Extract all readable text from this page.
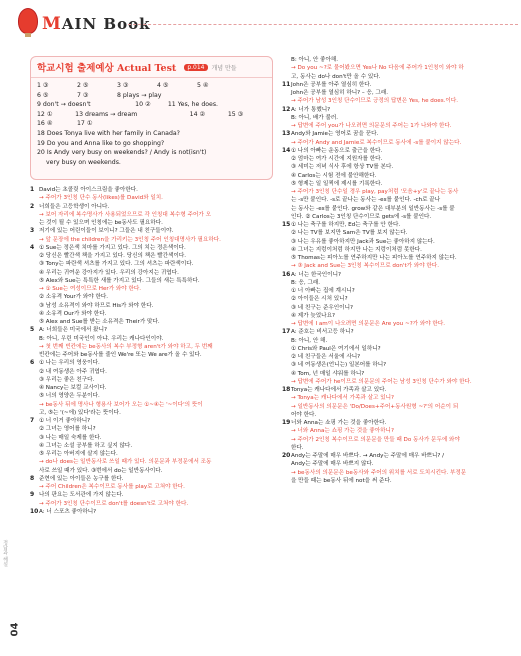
MAIN Book
학교시험 출제예상 Actual Test	p.014	개념 만들
1 ③	2 ⑤	3 ③	4 ⑤	5 ④
6 ⑤	7 ③	8 plays → play
9 don't → doesn't	10 ②	11 Yes, he does.
12 ①	13 dreams → dream	14 ②	15 ③
16 ④	17 ①
18 Does Tonya live with her family in Canada?
19 Do you and Anna like to go shopping?
20 Is Andy very busy on weekends? / Andy is not(isn't)
very busy on weekends.
1 David는 초콜릿 아이스크림을 좋아한다.
→ 주어가 3인칭 단수 동사(likes)를 David와 일치.
2 너희들은 고등학생이 아니다.
→ 보어 자리에 복수명사가 사용되었으므로 각 인칭대 복수형 주어가 오
는 것이 될 수 있으며 인칭에는 be동사도 필요하다.
3 저기에 있는 어린이들이 보이니? 그들은 내 친구들이야.
→ 앞 문장에 the children을 가리키는 3인칭 주어 인칭대명사가 필요하다.
4 ① Sue는 정은색 치마를 가지고 있다. 그의 치는 정은색이다.
② 당신은 빨간색 책을 가지고 있다. 당신의 책은 빨간색이다.
③ Tony는 파란색 셔츠를 가지고 있다. 그의 셔츠는 파란색이다.
④ 우리는 귀여운 강아지가 있다. 우리의 강아지는 귀엽다.
⑤ Alex와 Sue는 특특한 새를 가지고 있다. 그들의 새는 특특하다.
→ ① Sue는 여성이므로 Her가 와야 한다.
② 소유격 Your가 와야 한다.
③ 남성 소유격이 와야 하므로 His가 와야 한다.
④ 소유격 Our가 와야 한다.
⑤ Alex and Sue를 받는 소유격은 Their가 맞다.
5 A: 너희들은 미국에서 왔니?
B: 아니, 우린 미국인이 아냐. 우리는 캐나다인이야.
→ 첫 번째 빈칸에는 be동사의 복수 부정형 aren't가 와야 하고, 두 번째
빈칸에는 주어와 be동사를 줄인 We're 또는 We are가 올 수 있다.
6 ① 나는 우리의 영웅이다.
② 내 여동생은 아주 귀엽다.
③ 우리는 좋은 친구다.
④ Nancy는 보컬 교사이다.
⑤ 너의 영양은 두분이다.
→ be동사 뒤에 명사나 형용사 보어가 오는 ①~④는 '~이다'의 뜻이
고, ⑤는 '(~에) 있다'라는 뜻이다.
7 ① 너 이거 좋아하니?
② 그녀는 영어를 하니?
③ 나는 매일 숙제를 한다.
④ 그녀는 소설 공부를 하고 싶지 않다.
⑤ 우리는 아버지에 살지 않는다.
→ do나 does는 일반동사로 쓰일 때가 있다. 의문문과 부정문에서 조동
사로 쓰일 때가 있다. ③번에서 do는 일반동사이다.
8 준현에 있는 아이들은 농구를 한다.
→ 주어 Children은 복수이므로 동사를 play로 고쳐야 한다.
9 나의 판요는 도서관에 가지 않는다.
→ 주어가 3인칭 단수이므로 don't를 doesn't로 고쳐야 한다.
10 A: 너 스포츠 좋아하니?
B: 아니, 안 좋아해.
→ Do you ~?로 물어봤으면 Yes나 No 다음에 주어가 1인칭이 와야 하
고, 동사는 do나 don't만 올 수 있다.
11 John은 공부를 아주 열심히 한다.
John은 공부를 열심히 하니? – 응, 그래.
→ 주어가 남성 3인칭 단수이므로 긍정의 답변은 Yes, he does.이다.
12 A: 너가 통했니?
B: 아니, 배가 불러.
→ 답변에 주어 you가 나오려면 의문문의 주어는 1가 나와야 한다.
13 Andy와 Jamie는 영어로 꿈을 꾼다.
→ 주어가 Andy and Jamie로 복수이므로 동사에 -s를 붙이지 않는다.
14 ① 나의 아빠는 운동으로 출근을 한다.
② 엄마는 여가 시간에 지원자를 한다.
③ 세미는 저녁 식사 후에 항상 TV를 본다.
④ Carlos는 시험 전에 불안해한다.
⑤ 형제는 일 일찍에 제시를 기록한다.
→ 주어가 3인칭 단수일 경우 play, pay처럼 '모음+y'로 끝나는 동사
는 -s만 붙인다. -s로 끝나는 동사는 -es를 붙인다. -ch로 끝나
는 동사는 -es를 붙인다. grow와 같은 대부분의 일반동사는 -s를 붙
인다. ② Carlos는 3인칭 단수이므로 gets에 -s를 붙인다.
15 ① 나는 축구를 하지만, Ed는 축구를 안 한다.
② 나는 TV를 보지만 Sam은 TV를 보지 않는다.
③ 나는 우유를 좋아하지만 Jack과 Sue는 좋아하지 않는다.
④ 그녀는 지렁이처럼 하지만 나는 지렁이처럼 못한다.
⑤ Thomas는 피아노를 연주하지만 나는 피아노를 연주하지 않는다.
→ ③ Jack and Sue는 3인칭 복수이므로 don't가 와야 한다.
16 A: 너는 한국인이니?
B: 응, 그래.
① 너 아빠는 집에 계시니?
② 아이들은 시처 있니?
③ 네 친구는 준우인이니?
④ 제가 늦었나요?
→ 답변에 I am이 나오려면 의문문은 Are you ~?가 와야 한다.
17 A: 준호는 비서고등 하니?
B: 아니, 안 해.
① Chris와 Paul은 여기에서 일하니?
② 네 친구들은 서울에 사니?
③ 네 여동생은(언니는) 일본어를 하니?
④ Tom, 넌 매일 샤워를 하니?
→ 답변에 주어가 he이므로 의문문의 주어는 남성 3인칭 단수가 와야 한다.
18 Tonya는 캐나다에서 가족과 살고 있다.
→ Tonya는 캐나다에서 가족과 살고 있니?
→ 일반동사의 의문문은 'Do/Does+주어+동사원형 ~?'의 어순이 되
어야 한다.
19 너와 Anna는 쇼핑 가는 것을 좋아한다.
→ 너와 Anna는 쇼핑 가는 것을 좋아하니?
→ 주어가 2인칭 복수이므로 의문문을 만들 때 Do 동사가 문두에 와야
한다.
20 Andy는 주말에 매우 바쁘다. → Andy는 주말에 매우 바쁘니? /
Andy는 주말에 매우 바쁘지 않다.
→ be동사의 의문문은 be동사와 주어의 위치를 서로 도치시킨다. 부정문
을 만들 때는 be동사 뒤에 not을 써 준다.
04
정답과 해설
